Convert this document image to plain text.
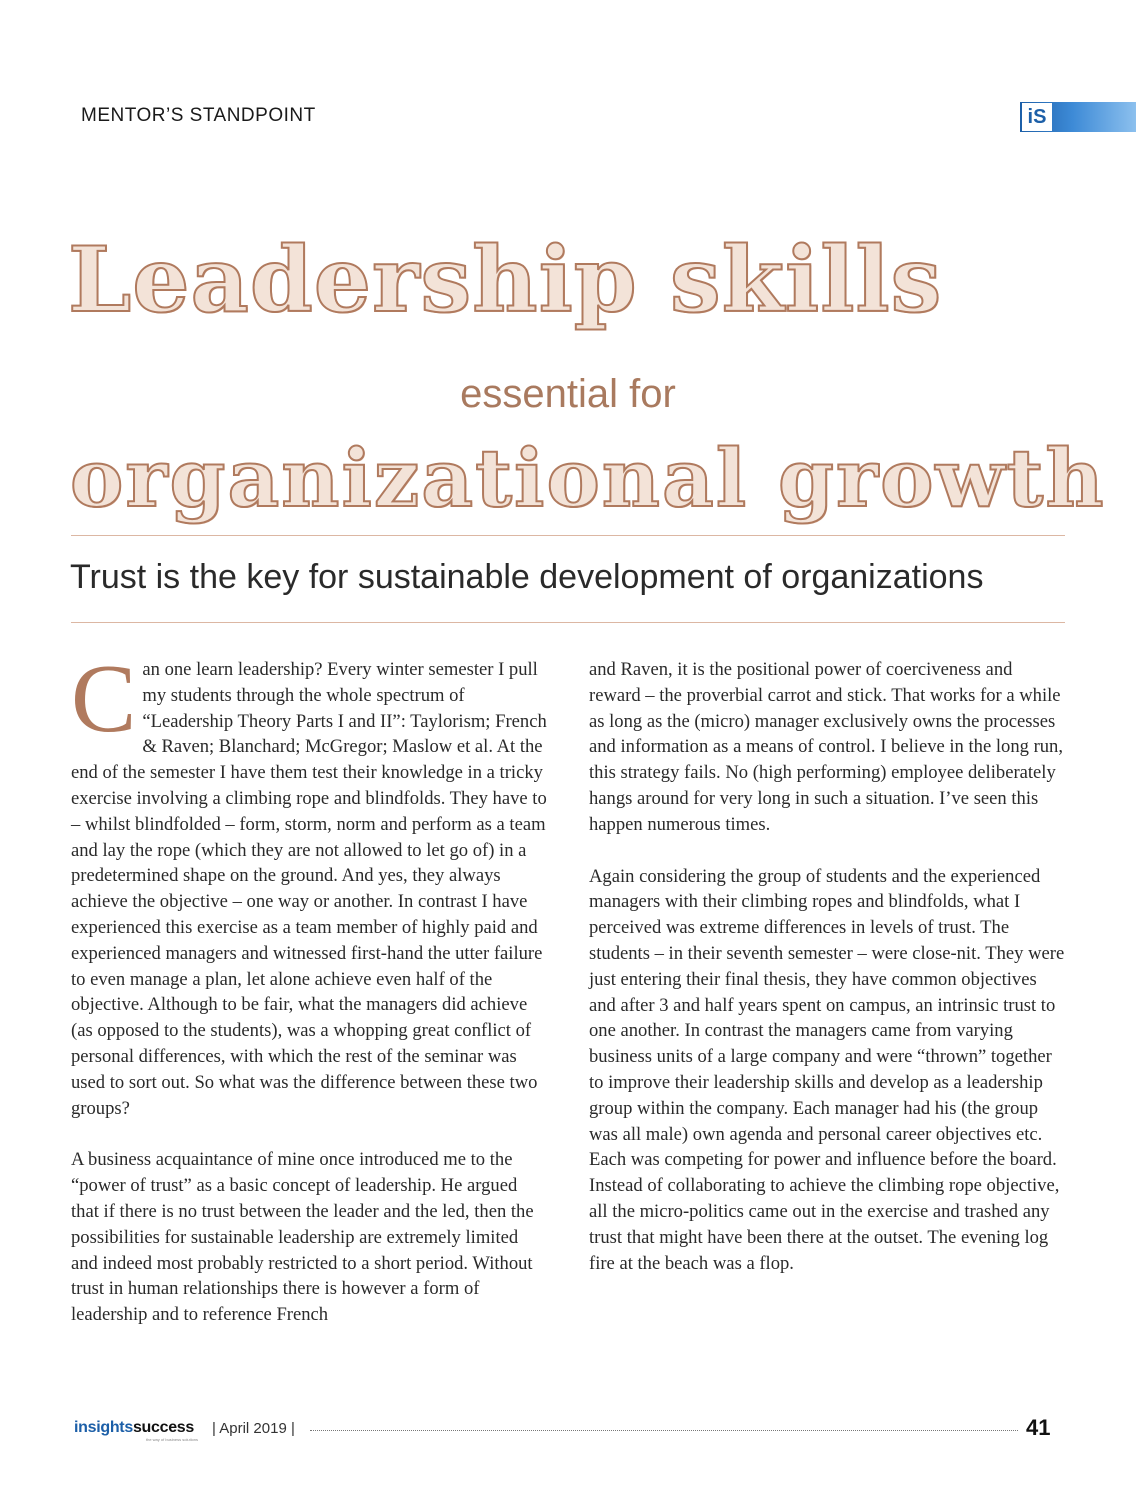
MENTOR’S STANDPOINT	iS
Leadership skills
essential for
organizational growth
Trust is the key for sustainable development of organizations

Can one learn leadership? Every winter semester I pull my students through the whole spectrum of “Leadership Theory Parts I and II”: Taylorism; French & Raven; Blanchard; McGregor; Maslow et al. At the end of the semester I have them test their knowledge in a tricky exercise involving a climbing rope and blindfolds. They have to – whilst blindfolded – form, storm, norm and perform as a team and lay the rope (which they are not allowed to let go of) in a predetermined shape on the ground. And yes, they always achieve the objective – one way or another. In contrast I have experienced this exercise as a team member of highly paid and experienced managers and witnessed first-hand the utter failure to even manage a plan, let alone achieve even half of the objective. Although to be fair, what the managers did achieve (as opposed to the students), was a whopping great conflict of personal differences, with which the rest of the seminar was used to sort out. So what was the difference between these two groups?

A business acquaintance of mine once introduced me to the “power of trust” as a basic concept of leadership. He argued that if there is no trust between the leader and the led, then the possibilities for sustainable leadership are extremely limited and indeed most probably restricted to a short period. Without trust in human relationships there is however a form of leadership and to reference French

and Raven, it is the positional power of coerciveness and reward – the proverbial carrot and stick. That works for a while as long as the (micro) manager exclusively owns the processes and information as a means of control. I believe in the long run, this strategy fails. No (high performing) employee deliberately hangs around for very long in such a situation. I’ve seen this happen numerous times.

Again considering the group of students and the experienced managers with their climbing ropes and blindfolds, what I perceived was extreme differences in levels of trust. The students – in their seventh semester – were close-nit. They were just entering their final thesis, they have common objectives and after 3 and half years spent on campus, an intrinsic trust to one another. In contrast the managers came from varying business units of a large company and were “thrown” together to improve their leadership skills and develop as a leadership group within the company. Each manager had his (the group was all male) own agenda and personal career objectives etc. Each was competing for power and influence before the board. Instead of collaborating to achieve the climbing rope objective, all the micro-politics came out in the exercise and trashed any trust that might have been there at the outset. The evening log fire at the beach was a flop.

insightssuccess
the way of business solutions
| April 2019 |	41
